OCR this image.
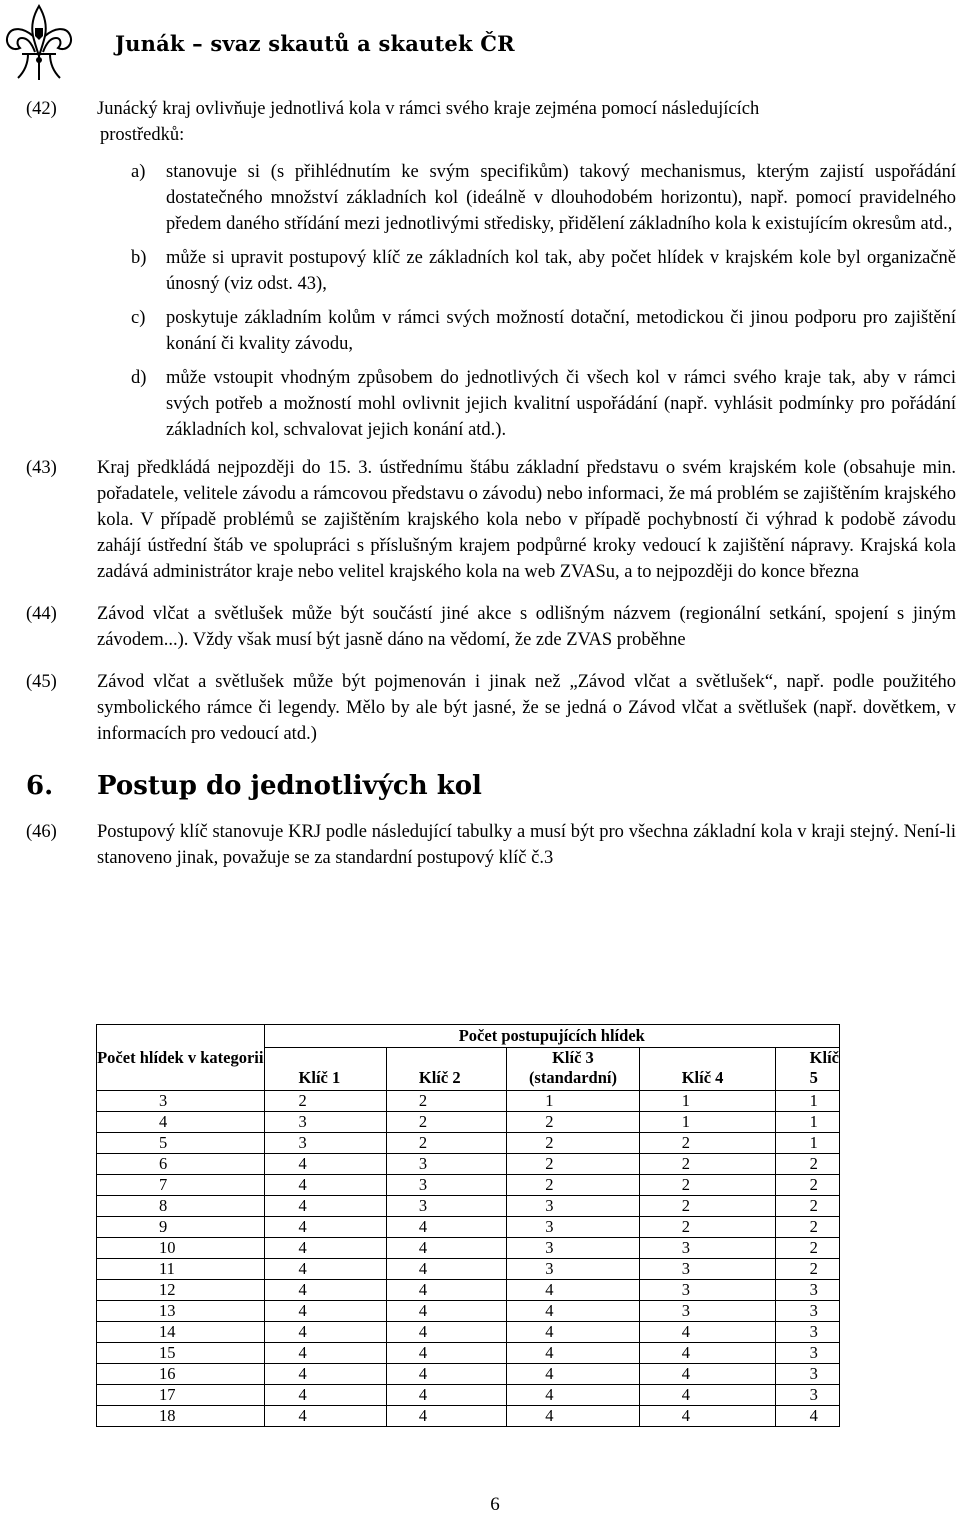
Junák – svaz skautů a skautek ČR
(42) Junácký kraj ovlivňuje jednotlivá kola v rámci svého kraje zejména pomocí následujících
prostředků:
a) stanovuje si (s přihlédnutím ke svým specifikům) takový mechanismus, kterým zajistí uspořádání dostatečného množství základních kol (ideálně v dlouhodobém horizontu), např. pomocí pravidelného předem daného střídání mezi jednotlivými středisky, přidělení základního kola k existujícím okresům atd.,
b) může si upravit postupový klíč ze základních kol tak, aby počet hlídek v krajském kole byl organizačně únosný (viz odst. 43),
c) poskytuje základním kolům v rámci svých možností dotační, metodickou či jinou podporu pro zajištění konání či kvality závodu,
d) může vstoupit vhodným způsobem do jednotlivých či všech kol v rámci svého kraje tak, aby v rámci svých potřeb a možností mohl ovlivnit jejich kvalitní uspořádání (např. vyhlásit podmínky pro pořádání základních kol, schvalovat jejich konání atd.).
(43) Kraj předkládá nejpozději do 15. 3. ústřednímu štábu základní představu o svém krajském kole (obsahuje min. pořadatele, velitele závodu a rámcovou představu o závodu) nebo informaci, že má problém se zajištěním krajského kola. V případě problémů se zajištěním krajského kola nebo v případě pochybností či výhrad k podobě závodu zahájí ústřední štáb ve spolupráci s příslušným krajem podpůrné kroky vedoucí k zajištění nápravy. Krajská kola zadává administrátor kraje nebo velitel krajského kola na web ZVASu, a to nejpozději do konce března
(44) Závod vlčat a světlušek může být součástí jiné akce s odlišným názvem (regionální setkání, spojení s jiným závodem...). Vždy však musí být jasně dáno na vědomí, že zde ZVAS proběhne
(45) Závod vlčat a světlušek může být pojmenován i jinak než „Závod vlčat a světlušek“, např. podle použitého symbolického rámce či legendy. Mělo by ale být jasné, že se jedná o Závod vlčat a světlušek (např. dovětkem, v informacích pro vedoucí atd.)
6. Postup do jednotlivých kol
(46) Postupový klíč stanovuje KRJ podle následující tabulky a musí být pro všechna základní kola v kraji stejný. Není-li stanoveno jinak, považuje se za standardní postupový klíč č.3
Počet hlídek v kategorii	Počet postupujících hlídek				
	Klíč 1	Klíč 2	Klíč 3 (standardní)	Klíč 4	Klíč 5
3	2	2	1	1	1
4	3	2	2	1	1
5	3	2	2	2	1
6	4	3	2	2	2
7	4	3	2	2	2
8	4	3	3	2	2
9	4	4	3	2	2
10	4	4	3	3	2
11	4	4	3	3	2
12	4	4	4	3	3
13	4	4	4	3	3
14	4	4	4	4	3
15	4	4	4	4	3
16	4	4	4	4	3
17	4	4	4	4	3
18	4	4	4	4	4
6
